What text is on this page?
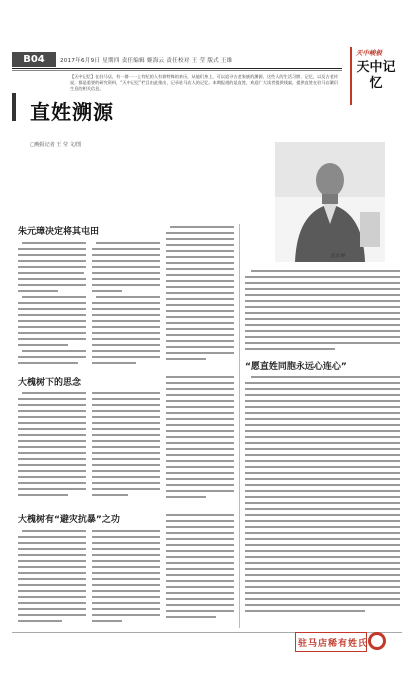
B04	2017年6月9日 星期四 责任编辑 姬海云 责任校对 王 莹 版式 王维
天中峻极
天中记忆
【天中记忆】在驻马店，有一群一一上有纪的人有着特殊的来历，从他们身上，可以追寻古老家族的渊源，这些人的生活习惯、记忆，以及古老传说，都是重要的研究资料，“天中记忆”栏目由此推出，记录驻马店人的记忆。本期报道的是直姓，欢迎广大读者提供线索，提供直姓在驻马店繁衍生息的相关信息。
直姓溯源
□晚报记者 王 莹 文/图
直宏林
朱元璋决定将其屯田
大槐树下的思念
大槐树有“避灾抗暴”之功
“愿直姓同胞永远心连心”
驻马店稀有姓氏
